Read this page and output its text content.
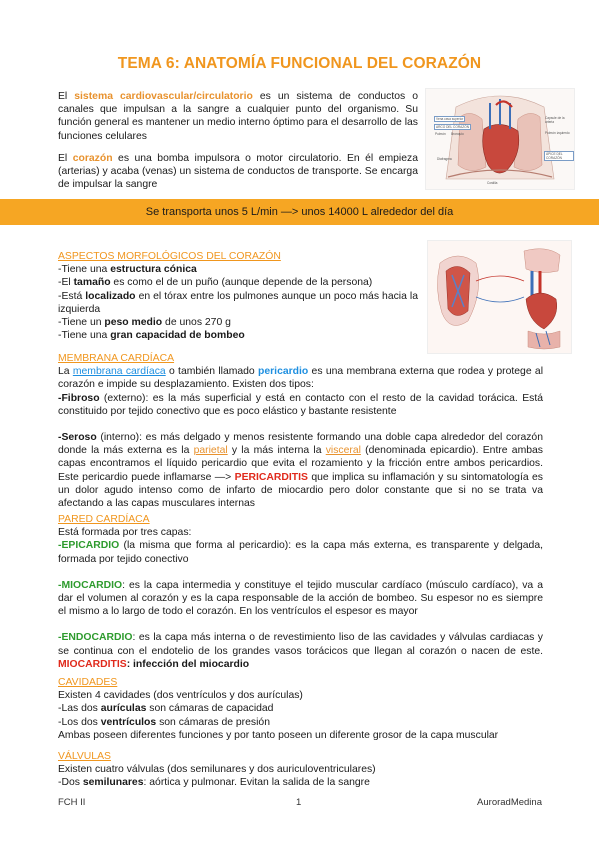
TEMA 6: ANATOMÍA FUNCIONAL DEL CORAZÓN
El sistema cardiovascular/circulatorio es un sistema de conductos o canales que impulsan a la sangre a cualquier punto del organismo. Su función general es mantener un medio interno óptimo para el desarrollo de las funciones celulares
El corazón es una bomba impulsora o motor circulatorio. En él empieza (arterias) y acaba (venas) un sistema de conductos de transporte. Se encarga de impulsar la sangre
Vena cava superior
ARCO DEL CORAZÓN
Pulmón	Bronquio
Capsule de la arteria
Pulmón izquierdo
Diafragma
ÁPICE DEL CORAZÓN
Costilla
Se transporta unos 5 L/min —> unos 14000 L alrededor del día
ASPECTOS MORFOLÓGICOS DEL CORAZÓN
-Tiene una estructura cónica
-El tamaño es como el de un puño (aunque depende de la persona)
-Está localizado en el tórax entre los pulmones aunque un poco más hacia la izquierda
-Tiene un peso medio de unos 270 g
-Tiene una gran capacidad de bombeo
MEMBRANA CARDÍACA
La membrana cardíaca o también llamado pericardio es una membrana externa que rodea y protege al corazón e impide su desplazamiento. Existen dos tipos:
-Fibroso (externo): es la más superficial y está en contacto con el resto de la cavidad torácica. Está constituido por tejido conectivo que es poco elástico y bastante resistente
-Seroso (interno): es más delgado y menos resistente formando una doble capa alrededor del corazón donde la más externa es la parietal y la más interna la visceral (denominada epicardio). Entre ambas capas encontramos el líquido pericardio que evita el rozamiento y la fricción entre ambos pericardios. Este pericardio puede inflamarse —> PERICARDITIS que implica su inflamación y su sintomatología es un dolor agudo intenso como de infarto de miocardio pero dolor constante que si no se trata va afectando a las capas musculares internas
PARED CARDÍACA
Está formada por tres capas:
-EPICARDIO (la misma que forma al pericardio): es la capa más externa, es transparente y delgada, formada por tejido conectivo
-MIOCARDIO: es la capa intermedia y constituye el tejido muscular cardíaco (músculo cardíaco), va a dar el volumen al corazón y es la capa responsable de la acción de bombeo. Su espesor no es siempre el mismo a lo largo de todo el corazón. En los ventrículos el espesor es mayor
-ENDOCARDIO: es la capa más interna o de revestimiento liso de las cavidades y válvulas cardiacas y se continua con el endotelio de los grandes vasos torácicos que llegan al corazón o nacen de este. MIOCARDITIS: infección del miocardio
CAVIDADES
Existen 4 cavidades (dos ventrículos y dos aurículas)
-Las dos aurículas son cámaras de capacidad
-Los dos ventrículos son cámaras de presión
Ambas poseen diferentes funciones y por tanto poseen un diferente grosor de la capa muscular
VÁLVULAS
Existen cuatro válvulas (dos semilunares y dos auriculoventriculares)
-Dos semilunares: aórtica y pulmonar. Evitan la salida de la sangre
FCH II	1	AuroradMedina
